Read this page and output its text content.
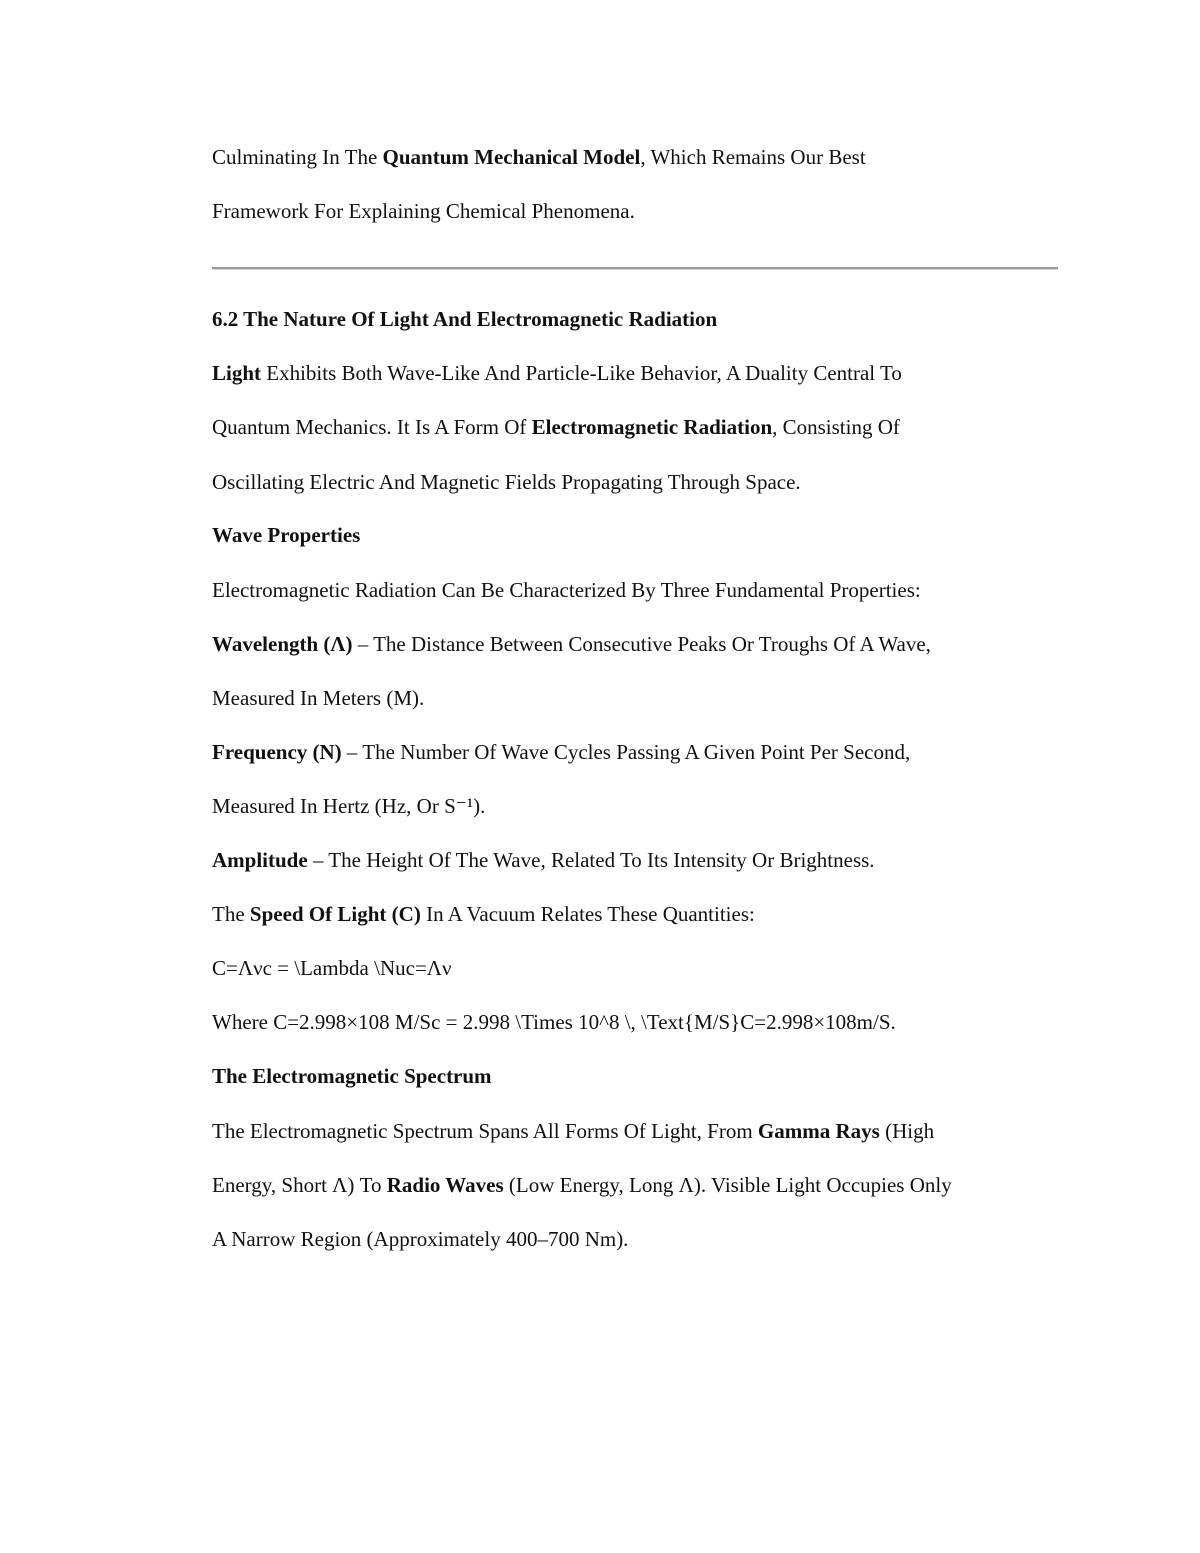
Culminating In The Quantum Mechanical Model, Which Remains Our Best
Framework For Explaining Chemical Phenomena.
6.2 The Nature Of Light And Electromagnetic Radiation
Light Exhibits Both Wave-Like And Particle-Like Behavior, A Duality Central To
Quantum Mechanics. It Is A Form Of Electromagnetic Radiation, Consisting Of
Oscillating Electric And Magnetic Fields Propagating Through Space.
Wave Properties
Electromagnetic Radiation Can Be Characterized By Three Fundamental Properties:
Wavelength (Λ) – The Distance Between Consecutive Peaks Or Troughs Of A Wave,
Measured In Meters (M).
Frequency (Ν) – The Number Of Wave Cycles Passing A Given Point Per Second,
Measured In Hertz (Hz, Or S⁻¹).
Amplitude – The Height Of The Wave, Related To Its Intensity Or Brightness.
The Speed Of Light (C) In A Vacuum Relates These Quantities:
C=Λνc = \Lambda \Nuc=Λν
Where C=2.998×108 M/Sc = 2.998 \Times 10^8 \, \Text{M/S}C=2.998×108m/S.
The Electromagnetic Spectrum
The Electromagnetic Spectrum Spans All Forms Of Light, From Gamma Rays (High
Energy, Short Λ) To Radio Waves (Low Energy, Long Λ). Visible Light Occupies Only
A Narrow Region (Approximately 400–700 Nm).
